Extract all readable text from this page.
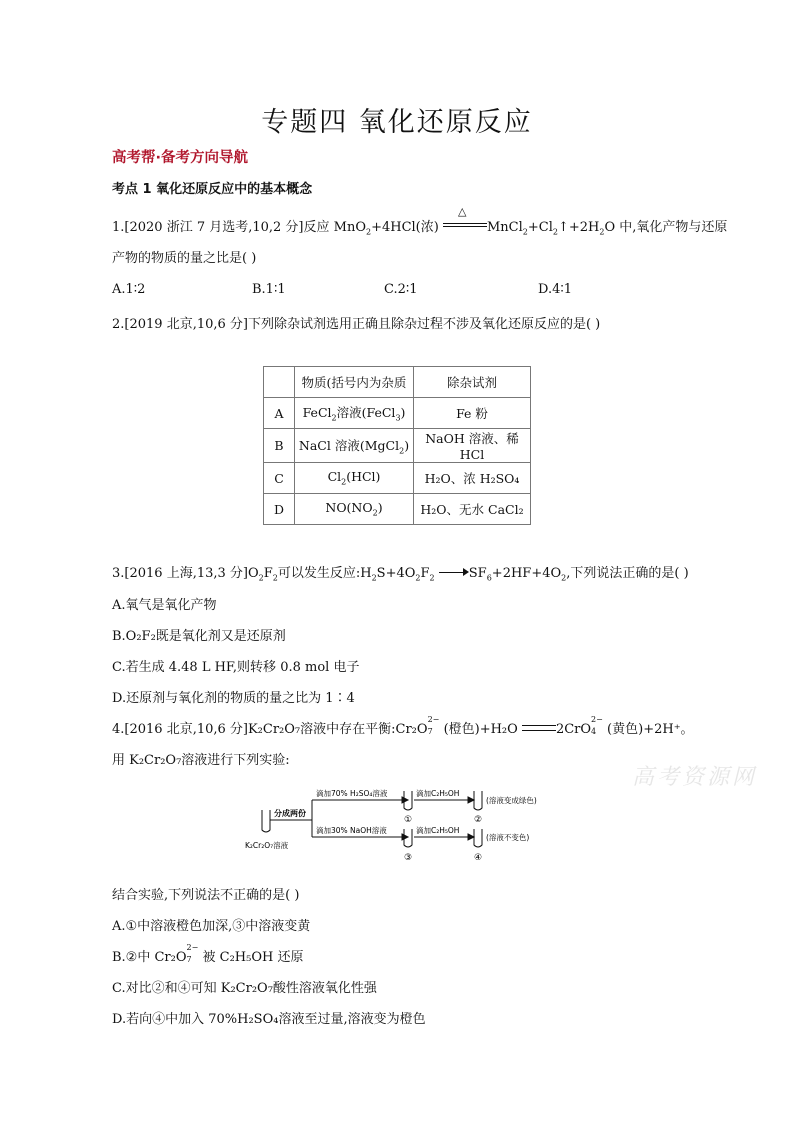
专题四 氧化还原反应
高考帮·备考方向导航
考点 1 氧化还原反应中的基本概念
1.[2020 浙江 7 月选考,10,2 分]反应 MnO$_2$+4HCl(浓)
△
$MnCl_2+Cl_2↑+2H_2O$ 中,氧化产物与还原
产物的物质的量之比是( )
A.1∶2	B.1∶1	C.2∶1	D.4∶1
2.[2019 北京,10,6 分]下列除杂试剂选用正确且除杂过程不涉及氧化还原反应的是( )
	物质(括号内为杂质	除杂试剂
A	FeCl$_2$溶液(FeCl$_3$)	Fe 粉
B	NaCl 溶液(MgCl$_2$)	NaOH 溶液、稀 HCl
C	$Cl_2(HCl)$	H₂O、浓 H₂SO₄
D	$NO(NO_2)$	H₂O、无水 CaCl₂
3.[2016 上海,13,3 分]$O_2F_2$可以发生反应$:H_2S+4O_2F_2$	$SF_6+2HF+4O_2$,下列说法正确的是( )
A.氧气是氧化产物
B.O₂F₂既是氧化剂又是还原剂
C.若生成 4.48 L HF,则转移 0.8 mol 电子
D.还原剂与氧化剂的物质的量之比为 1∶4
4.[2016 北京,10,6 分]K₂Cr₂O₇溶液中存在平衡:Cr₂O
2−
7 (橙色)+H₂O	2CrO
2−
4 (黄色)+2H⁺。
用 K₂Cr₂O₇溶液进行下列实验:
高考资源网
K₂Cr₂O₇溶液
分成两份
滴加70% H₂SO₄溶液
滴加30% NaOH溶液
滴加C₂H₅OH
滴加C₂H₅OH
①	②
③	④
(溶液变成绿色)
(溶液不变色)
结合实验,下列说法不正确的是( )
A.①中溶液橙色加深,③中溶液变黄
B.②中 Cr₂O
2−
7 被 C₂H₅OH 还原
C.对比②和④可知 K₂Cr₂O₇酸性溶液氧化性强
D.若向④中加入 70%H₂SO₄溶液至过量,溶液变为橙色
